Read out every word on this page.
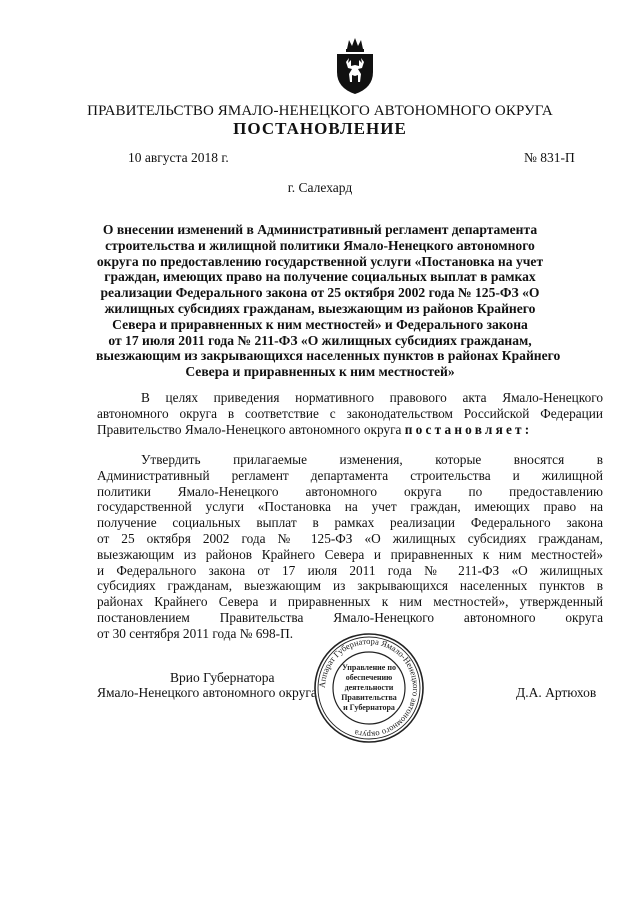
ПРАВИТЕЛЬСТВО ЯМАЛО-НЕНЕЦКОГО АВТОНОМНОГО ОКРУГА
ПОСТАНОВЛЕНИЕ
10 августа 2018 г.	№ 831-П
г. Салехард
О внесении изменений в Административный регламент департамента
строительства и жилищной политики Ямало-Ненецкого автономного
округа по предоставлению государственной услуги «Постановка на учет
граждан, имеющих право на получение социальных выплат в рамках
реализации Федерального закона от 25 октября 2002 года № 125-ФЗ «О
жилищных субсидиях гражданам, выезжающим из районов Крайнего
Севера и приравненных к ним местностей» и Федерального закона
от 17 июля 2011 года № 211-ФЗ «О жилищных субсидиях гражданам,
выезжающим из закрывающихся населенных пунктов в районах Крайнего
Севера и приравненных к ним местностей»
В целях приведения нормативного правового акта Ямало-Ненецкого
автономного округа в соответствие с законодательством Российской Федерации
Правительство Ямало-Ненецкого автономного округа постановляет:
Утвердить прилагаемые изменения, которые вносятся в
Административный регламент департамента строительства и жилищной
политики Ямало-Ненецкого автономного округа по предоставлению
государственной услуги «Постановка на учет граждан, имеющих право на
получение социальных выплат в рамках реализации Федерального закона
от 25 октября 2002 года № 125-ФЗ «О жилищных субсидиях гражданам,
выезжающим из районов Крайнего Севера и приравненных к ним местностей»
и Федерального закона от 17 июля 2011 года № 211-ФЗ «О жилищных
субсидиях гражданам, выезжающим из закрывающихся населенных пунктов в
районах Крайнего Севера и приравненных к ним местностей», утвержденный
постановлением Правительства Ямало-Ненецкого автономного округа
от 30 сентября 2011 года № 698-П.
Врио Губернатора
Ямало-Ненецкого автономного округа	Д.А. Артюхов
Аппарат Губернатора Ямало-Ненецкого автономного округа
Управление по
обеспечению
деятельности
Правительства
и Губернатора
